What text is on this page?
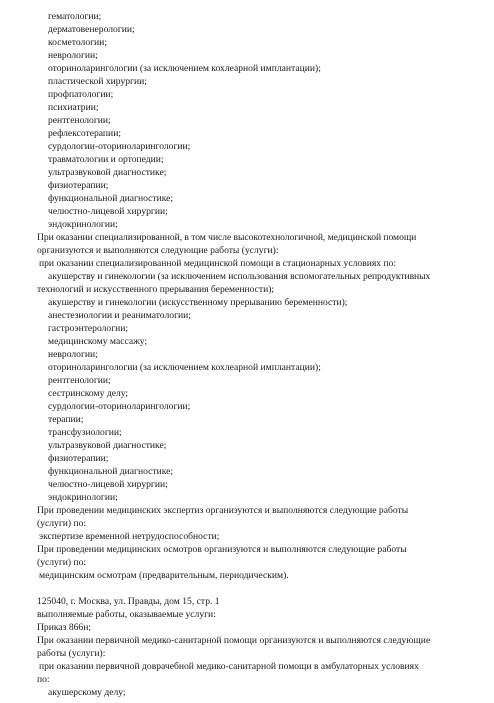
гематологии;
дерматовенерологии;
косметологии;
неврологии;
оториноларингологии (за исключением кохлеарной имплантации);
пластической хирургии;
профпатологии;
психиатрии;
рентгенологии;
рефлексотерапии;
сурдологии-оториноларингологии;
травматологии и ортопедии;
ультразвуковой диагностике;
физиотерапии;
функциональной диагностике;
челюстно-лицевой хирургии;
эндокринологии;
При оказании специализированной, в том числе высокотехнологичной, медицинской помощи
организуются и выполняются следующие работы (услуги):
при оказании специализированной медицинской помощи в стационарных условиях по:
акушерству и гинекологии (за исключением использования вспомогательных репродуктивных
технологий и искусственного прерывания беременности);
акушерству и гинекологии (искусственному прерыванию беременности);
анестезиологии и реаниматологии;
гастроэнтерологии;
медицинскому массажу;
неврологии;
оториноларингологии (за исключением кохлеарной имплантации);
рентгенологии;
сестринскому делу;
сурдологии-оториноларингологии;
терапии;
трансфузиологии;
ультразвуковой диагностике;
физиотерапии;
функциональной диагностике;
челюстно-лицевой хирургии;
эндокринологии;
При проведении медицинских экспертиз организуются и выполняются следующие работы
(услуги) по:
экспертизе временной нетрудоспособности;
При проведении медицинских осмотров организуются и выполняются следующие работы
(услуги) по:
медицинским осмотрам (предварительным, периодическим).
125040, г. Москва, ул. Правды, дом 15, стр. 1
выполняемые работы, оказываемые услуги:
Приказ 866н;
При оказании первичной медико-санитарной помощи организуются и выполняются следующие
работы (услуги):
при оказании первичной доврачебной медико-санитарной помощи в амбулаторных условиях
по:
акушерскому делу;
